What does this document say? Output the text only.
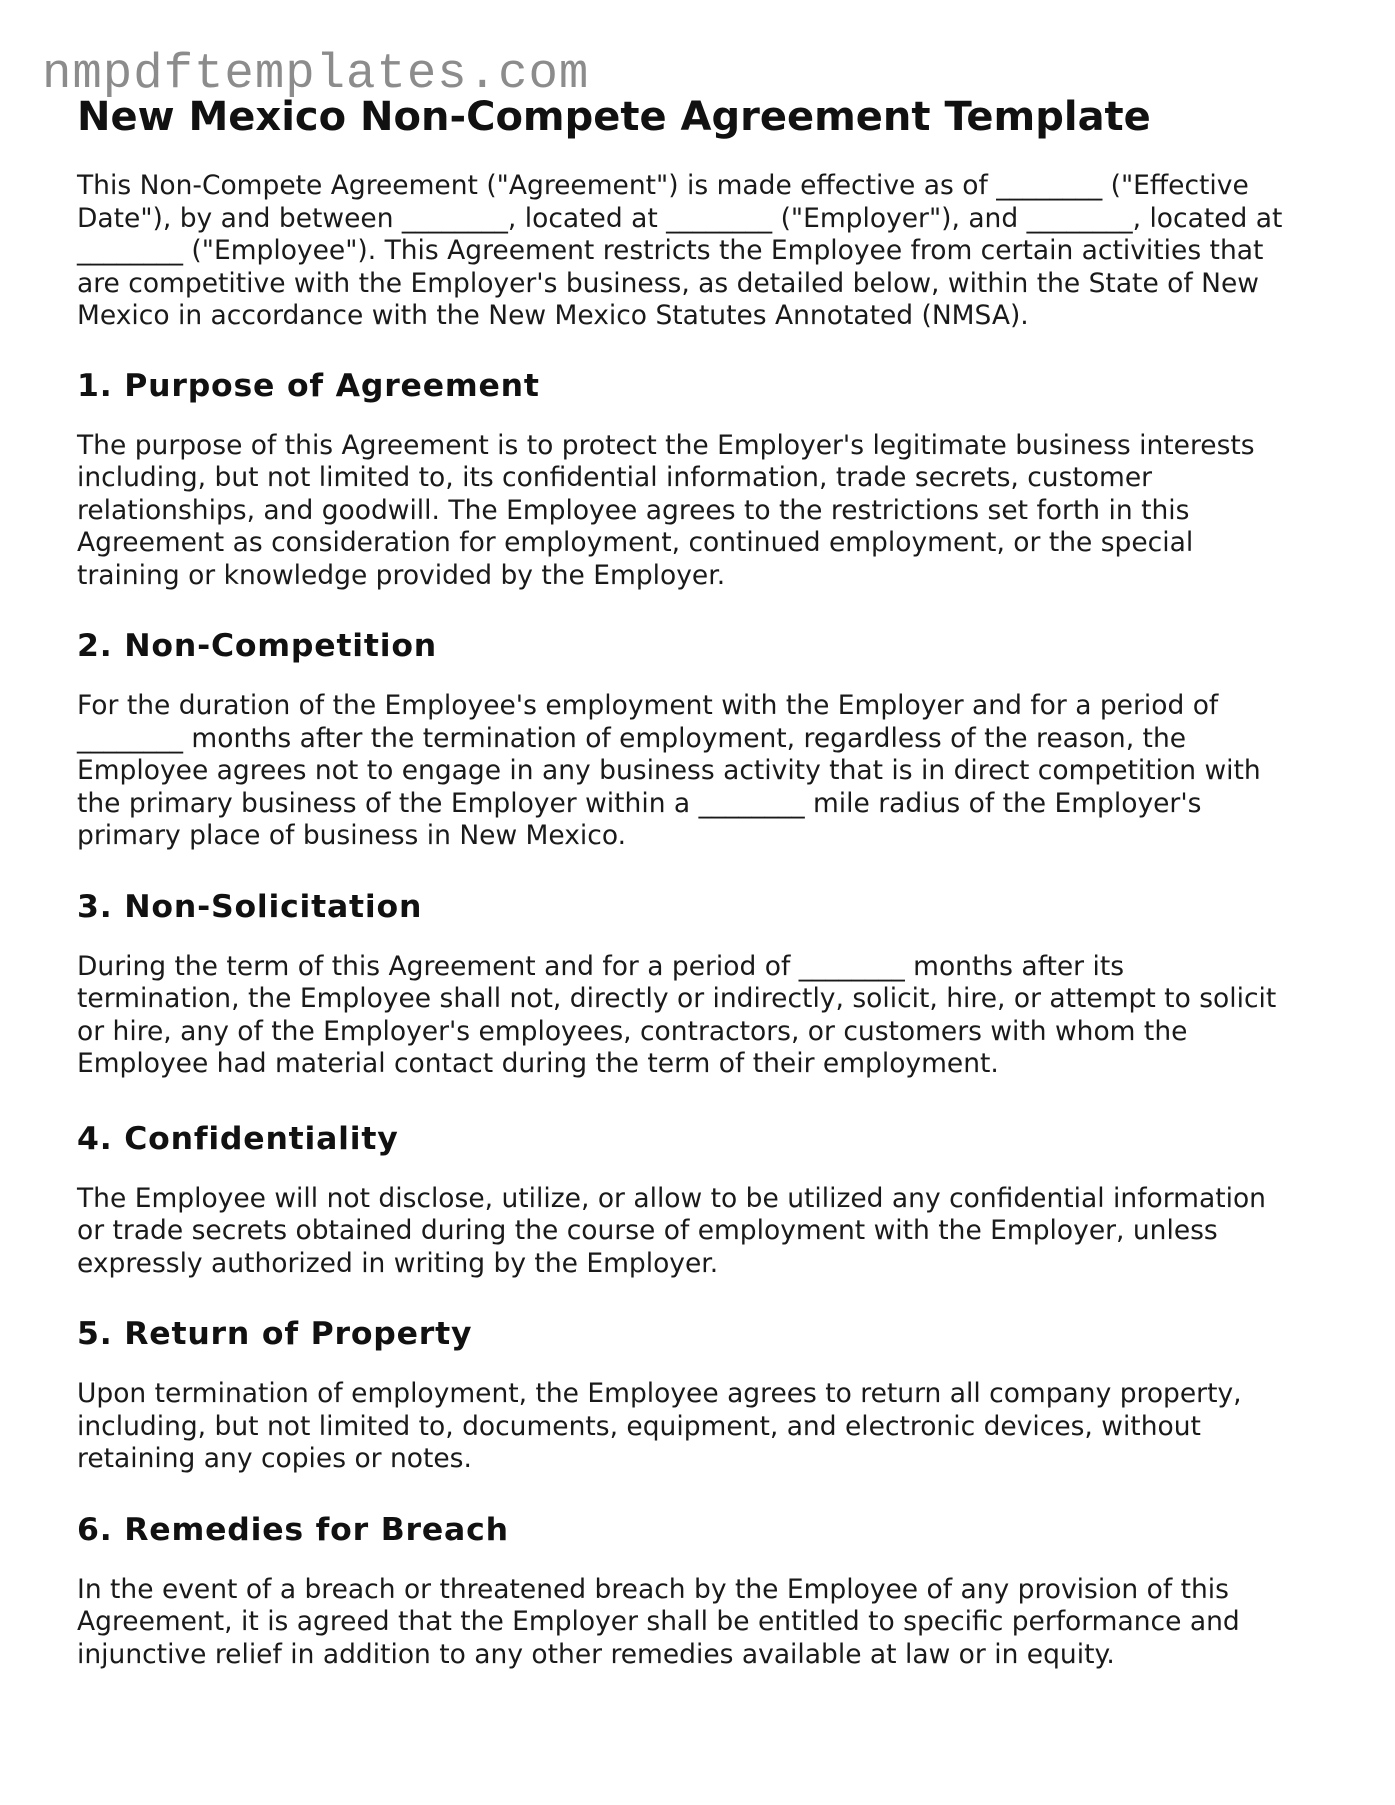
nmpdftemplates.com
New Mexico Non-Compete Agreement Template

This Non-Compete Agreement ("Agreement") is made effective as of ________ ("Effective
Date"), by and between ________, located at ________ ("Employer"), and ________, located at
________ ("Employee"). This Agreement restricts the Employee from certain activities that
are competitive with the Employer's business, as detailed below, within the State of New
Mexico in accordance with the New Mexico Statutes Annotated (NMSA).

1. Purpose of Agreement

The purpose of this Agreement is to protect the Employer's legitimate business interests
including, but not limited to, its confidential information, trade secrets, customer
relationships, and goodwill. The Employee agrees to the restrictions set forth in this
Agreement as consideration for employment, continued employment, or the special
training or knowledge provided by the Employer.

2. Non-Competition

For the duration of the Employee's employment with the Employer and for a period of
________ months after the termination of employment, regardless of the reason, the
Employee agrees not to engage in any business activity that is in direct competition with
the primary business of the Employer within a ________ mile radius of the Employer's
primary place of business in New Mexico.

3. Non-Solicitation

During the term of this Agreement and for a period of ________ months after its
termination, the Employee shall not, directly or indirectly, solicit, hire, or attempt to solicit
or hire, any of the Employer's employees, contractors, or customers with whom the
Employee had material contact during the term of their employment.

4. Confidentiality

The Employee will not disclose, utilize, or allow to be utilized any confidential information
or trade secrets obtained during the course of employment with the Employer, unless
expressly authorized in writing by the Employer.

5. Return of Property

Upon termination of employment, the Employee agrees to return all company property,
including, but not limited to, documents, equipment, and electronic devices, without
retaining any copies or notes.

6. Remedies for Breach

In the event of a breach or threatened breach by the Employee of any provision of this
Agreement, it is agreed that the Employer shall be entitled to specific performance and
injunctive relief in addition to any other remedies available at law or in equity.
